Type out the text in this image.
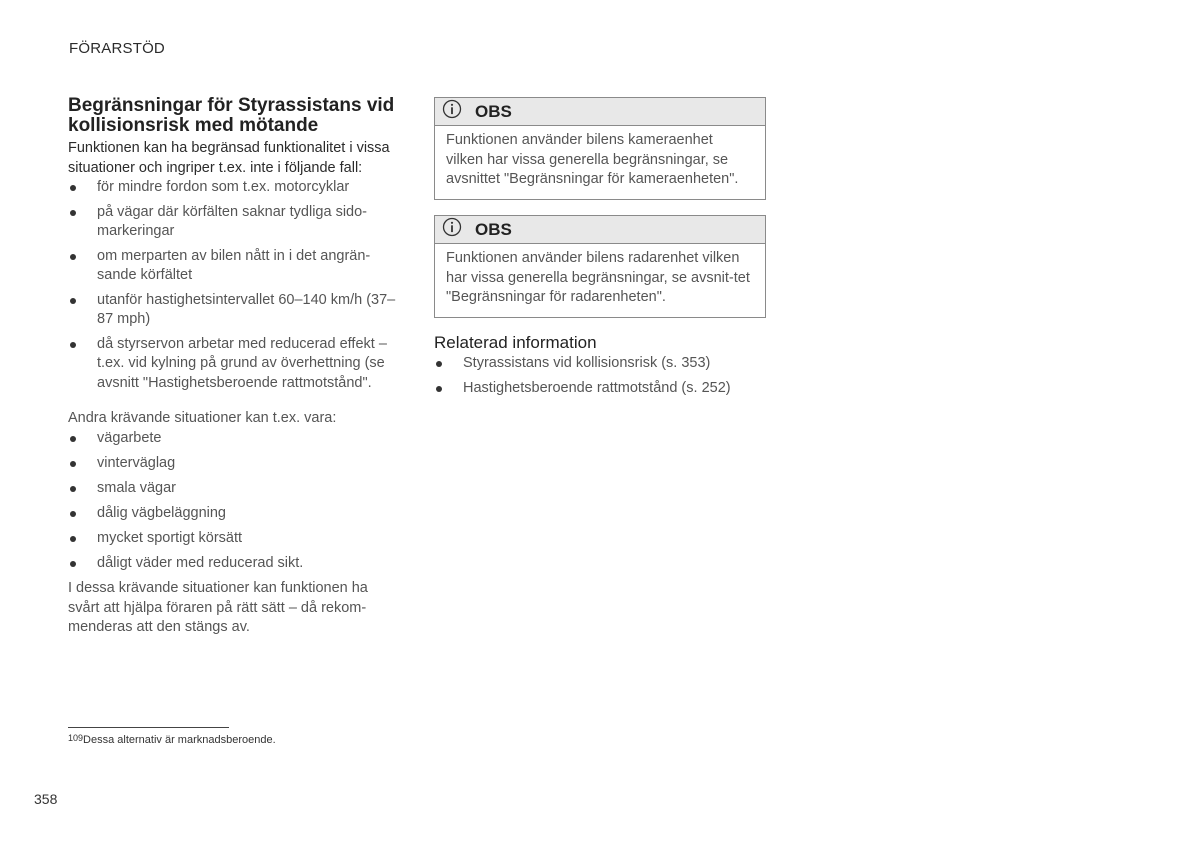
FÖRARSTÖD
Begränsningar för Styrassistans vid kollisionsrisk med mötande

Funktionen kan ha begränsad funktionalitet i vissa situationer och ingriper t.ex. inte i följande fall:

för mindre fordon som t.ex. motorcyklar
på vägar där körfälten saknar tydliga sido-markeringar
om merparten av bilen nått in i det angrän-sande körfältet
utanför hastighetsintervallet 60–140 km/h (37–87 mph)
då styrservon arbetar med reducerad effekt – t.ex. vid kylning på grund av överhettning (se avsnitt "Hastighetsberoende rattmotstånd".

Andra krävande situationer kan t.ex. vara:

vägarbete
vinterväglag
smala vägar
dålig vägbeläggning
mycket sportigt körsätt
dåligt väder med reducerad sikt.

I dessa krävande situationer kan funktionen ha svårt att hjälpa föraren på rätt sätt – då rekom-menderas att den stängs av.

OBS
Funktionen använder bilens kameraenhet vilken har vissa generella begränsningar, se avsnittet "Begränsningar för kameraenheten".
OBS
Funktionen använder bilens radarenhet vilken har vissa generella begränsningar, se avsnit-tet "Begränsningar för radarenheten".
Relaterad information
Styrassistans vid kollisionsrisk (s. 353)
Hastighetsberoende rattmotstånd (s. 252)
$^{109}$Dessa alternativ är marknadsberoende.
358
